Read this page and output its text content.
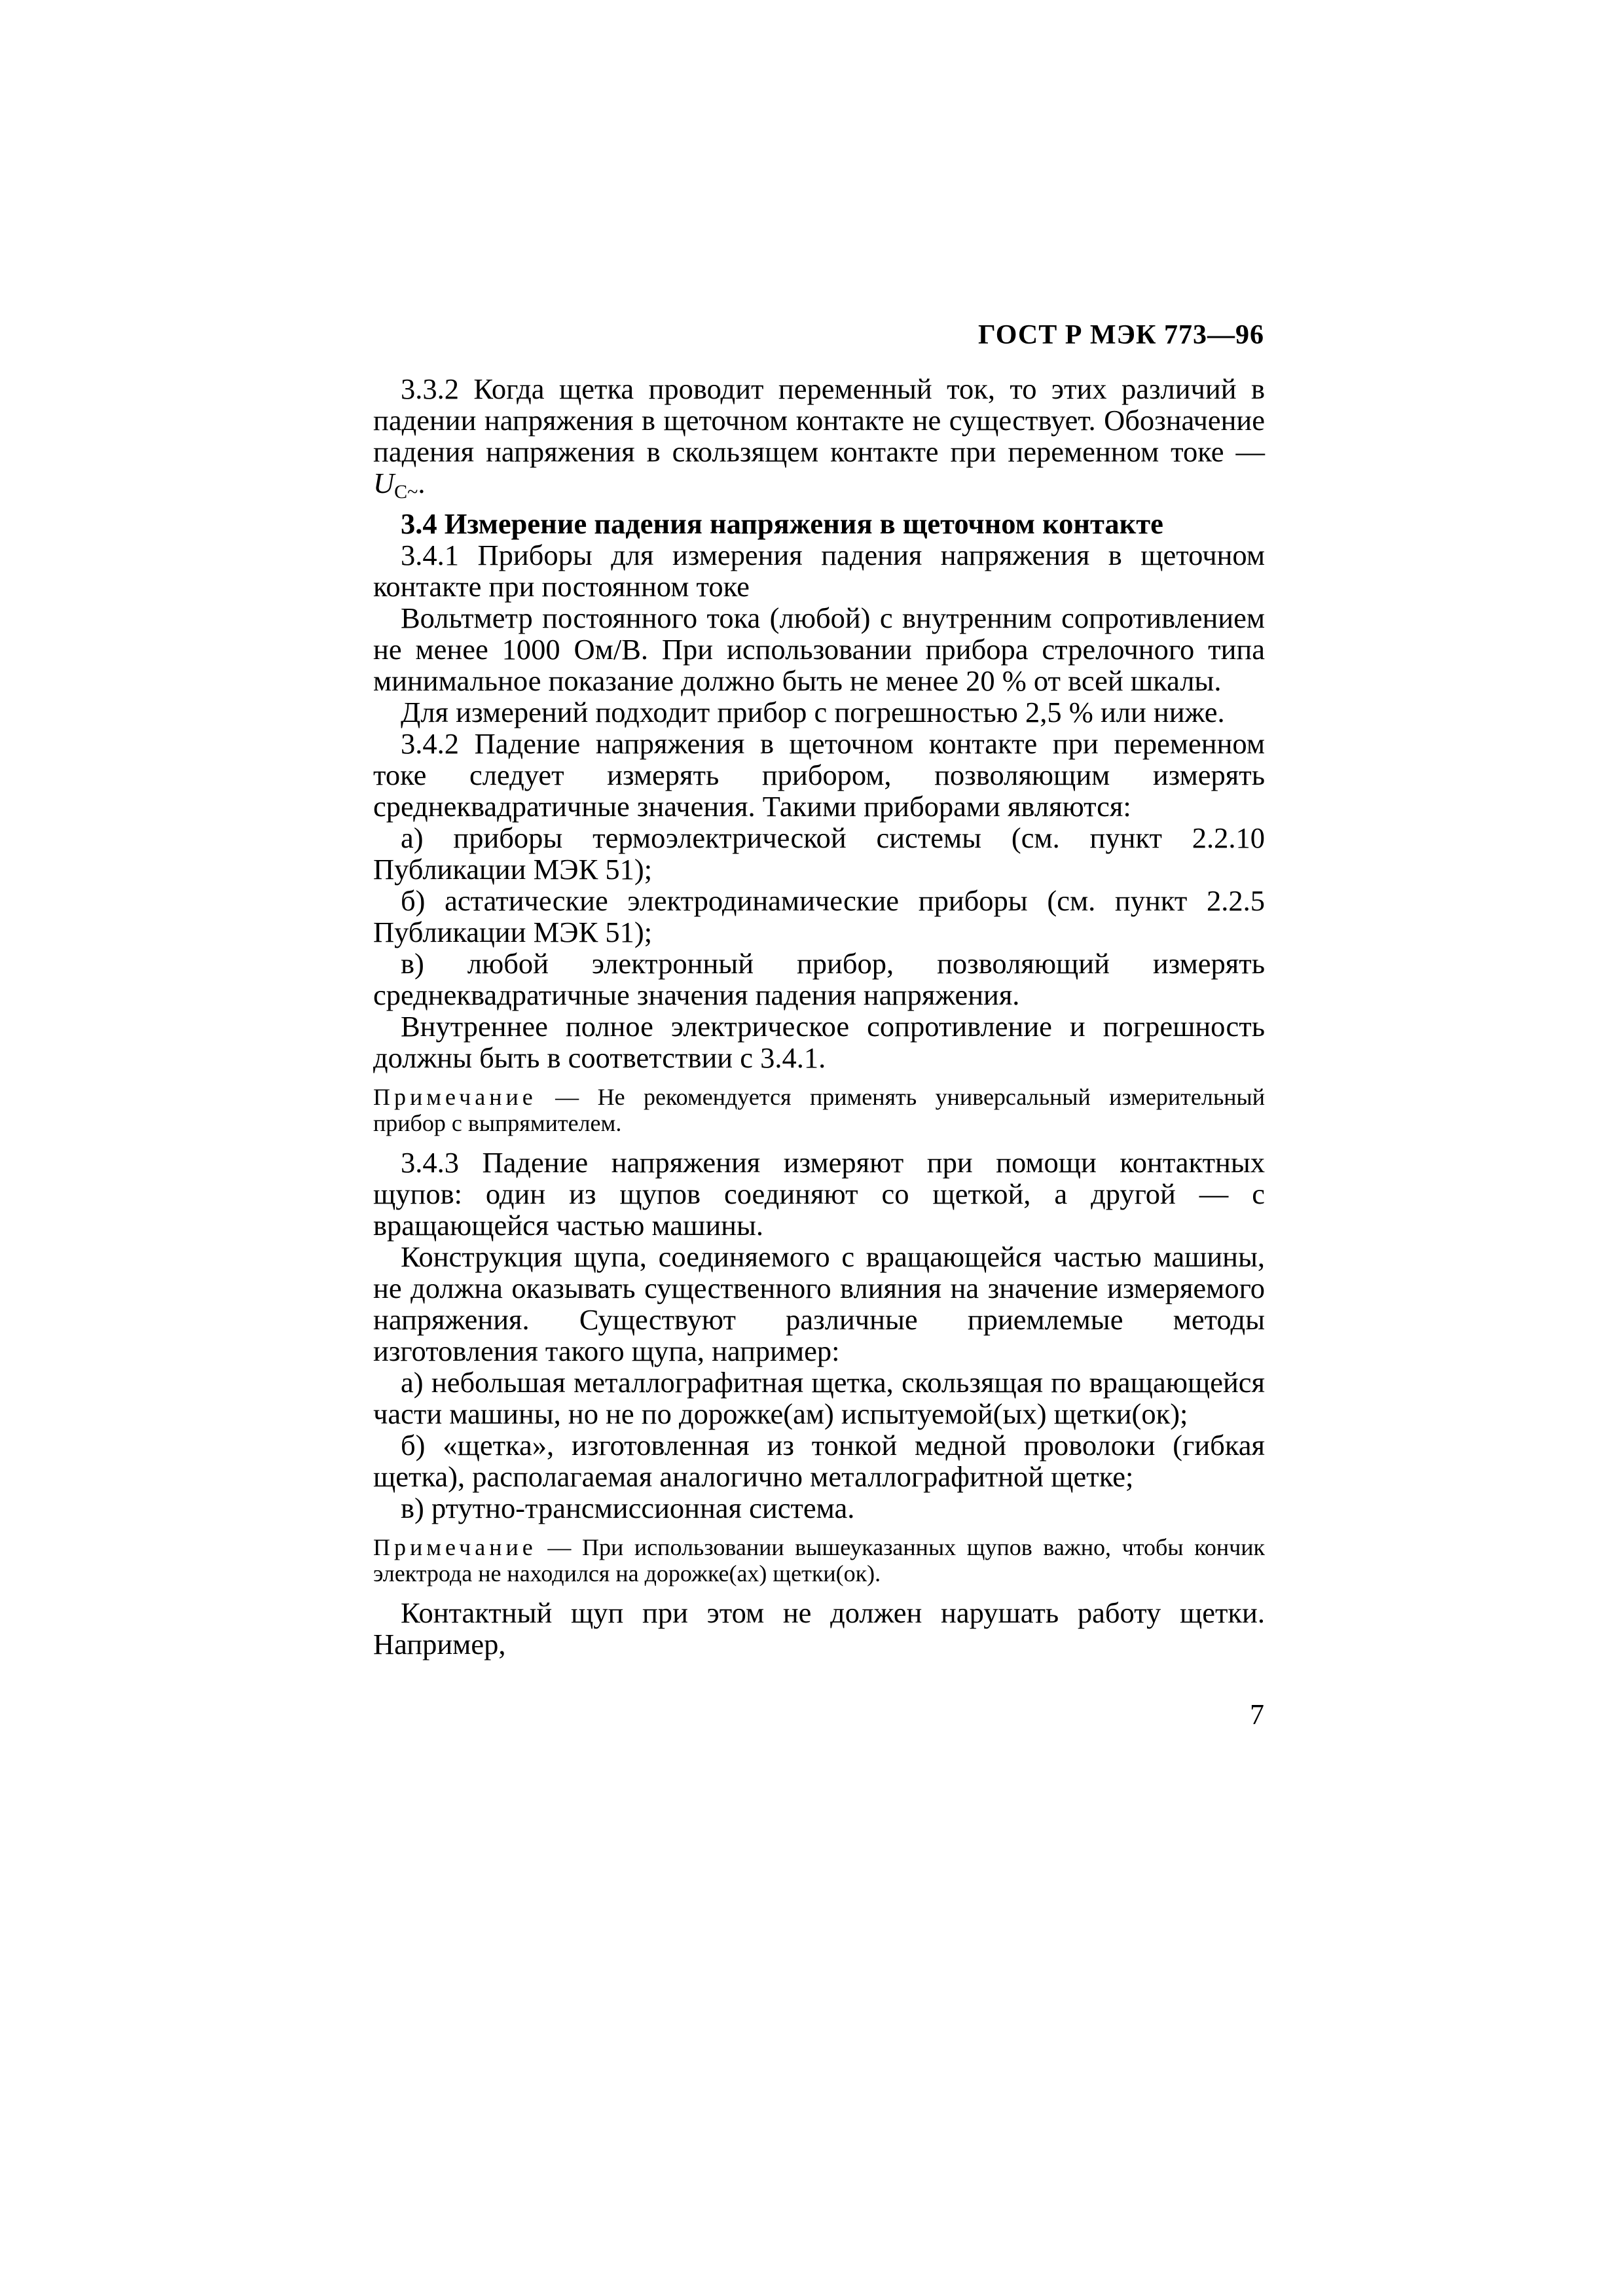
ГОСТ Р МЭК 773—96

3.3.2 Когда щетка проводит переменный ток, то этих различий в падении напряжения в щеточном контакте не существует. Обозначение падения напряжения в скользящем контакте при переменном токе — $U_{C\sim}$.

3.4 Измерение падения напряжения в щеточном контакте

3.4.1 Приборы для измерения падения напряжения в щеточном контакте при постоянном токе

Вольтметр постоянного тока (любой) с внутренним сопротивлением не менее 1000 Ом/В. При использовании прибора стрелочного типа минимальное показание должно быть не менее 20 % от всей шкалы.

Для измерений подходит прибор с погрешностью 2,5 % или ниже.

3.4.2 Падение напряжения в щеточном контакте при переменном токе следует измерять прибором, позволяющим измерять среднеквадратичные значения. Такими приборами являются:

а) приборы термоэлектрической системы (см. пункт 2.2.10 Публикации МЭК 51);

б) астатические электродинамические приборы (см. пункт 2.2.5 Публикации МЭК 51);

в) любой электронный прибор, позволяющий измерять среднеквадратичные значения падения напряжения.

Внутреннее полное электрическое сопротивление и погрешность должны быть в соответствии с 3.4.1.

Примечание — Не рекомендуется применять универсальный измерительный прибор с выпрямителем.

3.4.3 Падение напряжения измеряют при помощи контактных щупов: один из щупов соединяют со щеткой, а другой — с вращающейся частью машины.

Конструкция щупа, соединяемого с вращающейся частью машины, не должна оказывать существенного влияния на значение измеряемого напряжения. Существуют различные приемлемые методы изготовления такого щупа, например:

а) небольшая металлографитная щетка, скользящая по вращающейся части машины, но не по дорожке(ам) испытуемой(ых) щетки(ок);

б) «щетка», изготовленная из тонкой медной проволоки (гибкая щетка), располагаемая аналогично металлографитной щетке;

в) ртутно-трансмиссионная система.

Примечание — При использовании вышеуказанных щупов важно, чтобы кончик электрода не находился на дорожке(ах) щетки(ок).

Контактный щуп при этом не должен нарушать работу щетки. Например,

7
